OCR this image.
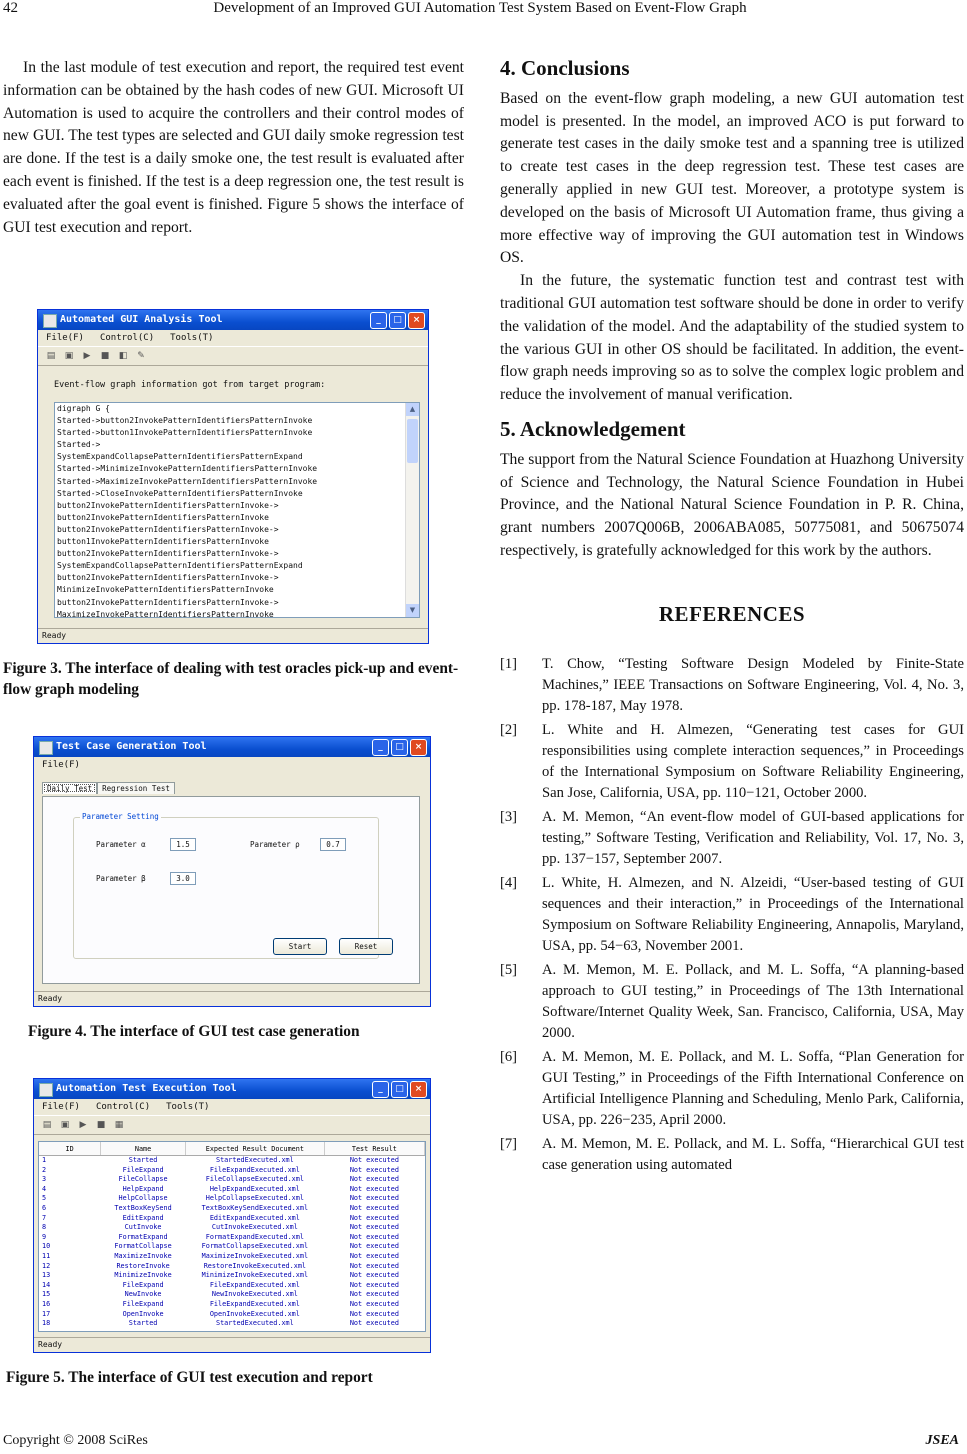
42	Development of an Improved GUI Automation Test System Based on Event-Flow Graph

In the last module of test execution and report, the required test event information can be obtained by the hash codes of new GUI. Microsoft UI Automation is used to acquire the controllers and their control modes of new GUI. The test types are selected and GUI daily smoke regression test are done. If the test is a daily smoke one, the test result is evaluated after each event is finished. If the test is a deep regression one, the test result is evaluated after the goal event is finished. Figure 5 shows the interface of GUI test execution and report.

Automated GUI Analysis Tool	_	□	×
File(F) Control(C) Tools(T)
▤	▣	▶	■	◧	✎
Event-flow graph information got from target program:
digraph G {
Started->button2InvokePatternIdentifiersPatternInvoke
Started->button1InvokePatternIdentifiersPatternInvoke
Started->
SystemExpandCollapsePatternIdentifiersPatternExpand
Started->MinimizeInvokePatternIdentifiersPatternInvoke
Started->MaximizeInvokePatternIdentifiersPatternInvoke
Started->CloseInvokePatternIdentifiersPatternInvoke
button2InvokePatternIdentifiersPatternInvoke->
button2InvokePatternIdentifiersPatternInvoke
button2InvokePatternIdentifiersPatternInvoke->
button1InvokePatternIdentifiersPatternInvoke
button2InvokePatternIdentifiersPatternInvoke->
SystemExpandCollapsePatternIdentifiersPatternExpand
button2InvokePatternIdentifiersPatternInvoke->
MinimizeInvokePatternIdentifiersPatternInvoke
button2InvokePatternIdentifiersPatternInvoke->
MaximizeInvokePatternIdentifiersPatternInvoke
▲
▼
Ready
Figure 3. The interface of dealing with test oracles pick-up and event-flow graph modeling
Test Case Generation Tool	_	□	×
File(F)
Daily Test	Regression Test
Parameter Setting
Parameter α	1.5	Parameter ρ	0.7
Parameter β	3.0
Start	Reset
Ready
Figure 4. The interface of GUI test case generation
Automation Test Execution Tool	_	□	×
File(F) Control(C) Tools(T)
▤	▣	▶	■	▦
ID	Name	Expected Result Document	Test Result
1	Started	StartedExecuted.xml	Not executed
2	FileExpand	FileExpandExecuted.xml	Not executed
3	FileCollapse	FileCollapseExecuted.xml	Not executed
4	HelpExpand	HelpExpandExecuted.xml	Not executed
5	HelpCollapse	HelpCollapseExecuted.xml	Not executed
6	TextBoxKeySend	TextBoxKeySendExecuted.xml	Not executed
7	EditExpand	EditExpandExecuted.xml	Not executed
8	CutInvoke	CutInvokeExecuted.xml	Not executed
9	FormatExpand	FormatExpandExecuted.xml	Not executed
10	FormatCollapse	FormatCollapseExecuted.xml	Not executed
11	MaximizeInvoke	MaximizeInvokeExecuted.xml	Not executed
12	RestoreInvoke	RestoreInvokeExecuted.xml	Not executed
13	MinimizeInvoke	MinimizeInvokeExecuted.xml	Not executed
14	FileExpand	FileExpandExecuted.xml	Not executed
15	NewInvoke	NewInvokeExecuted.xml	Not executed
16	FileExpand	FileExpandExecuted.xml	Not executed
17	OpenInvoke	OpenInvokeExecuted.xml	Not executed
18	Started	StartedExecuted.xml	Not executed
Ready
Figure 5. The interface of GUI test execution and report
4. Conclusions

Based on the event-flow graph modeling, a new GUI automation test model is presented. In the model, an improved ACO is put forward to generate test cases in the daily smoke test and a spanning tree is utilized to create test cases in the deep regression test. These test cases are generally applied in new GUI test. Moreover, a prototype system is developed on the basis of Microsoft UI Automation frame, thus giving a more effective way of improving the GUI automation test in Windows OS.

In the future, the systematic function test and contrast test with traditional GUI automation test software should be done in order to verify the validation of the model. And the adaptability of the studied system to the various GUI in other OS should be facilitated. In addition, the event-flow graph needs improving so as to solve the complex logic problem and reduce the involvement of manual verification.

5. Acknowledgement

The support from the Natural Science Foundation at Huazhong University of Science and Technology, the Natural Science Foundation in Hubei Province, and the National Natural Science Foundation in P. R. China, grant numbers 2007Q006B, 2006ABA085, 50775081, and 50675074 respectively, is gratefully acknowledged for this work by the authors.

REFERENCES
[1] T. Chow, “Testing Software Design Modeled by Finite-State Machines,” IEEE Transactions on Software Engineering, Vol. 4, No. 3, pp. 178-187, May 1978.
[2] L. White and H. Almezen, “Generating test cases for GUI responsibilities using complete interaction sequences,” in Proceedings of the International Symposium on Software Reliability Engineering, San Jose, California, USA, pp. 110−121, October 2000.
[3] A. M. Memon, “An event-flow model of GUI-based applications for testing,” Software Testing, Verification and Reliability, Vol. 17, No. 3, pp. 137−157, September 2007.
[4] L. White, H. Almezen, and N. Alzeidi, “User-based testing of GUI sequences and their interaction,” in Proceedings of the International Symposium on Software Reliability Engineering, Annapolis, Maryland, USA, pp. 54−63, November 2001.
[5] A. M. Memon, M. E. Pollack, and M. L. Soffa, “A planning-based approach to GUI testing,” in Proceedings of The 13th International Software/Internet Quality Week, San. Francisco, California, USA, May 2000.
[6] A. M. Memon, M. E. Pollack, and M. L. Soffa, “Plan Generation for GUI Testing,” in Proceedings of the Fifth International Conference on Artificial Intelligence Planning and Scheduling, Menlo Park, California, USA, pp. 226−235, April 2000.
[7] A. M. Memon, M. E. Pollack, and M. L. Soffa, “Hierarchical GUI test case generation using automated
Copyright © 2008 SciRes	JSEA
